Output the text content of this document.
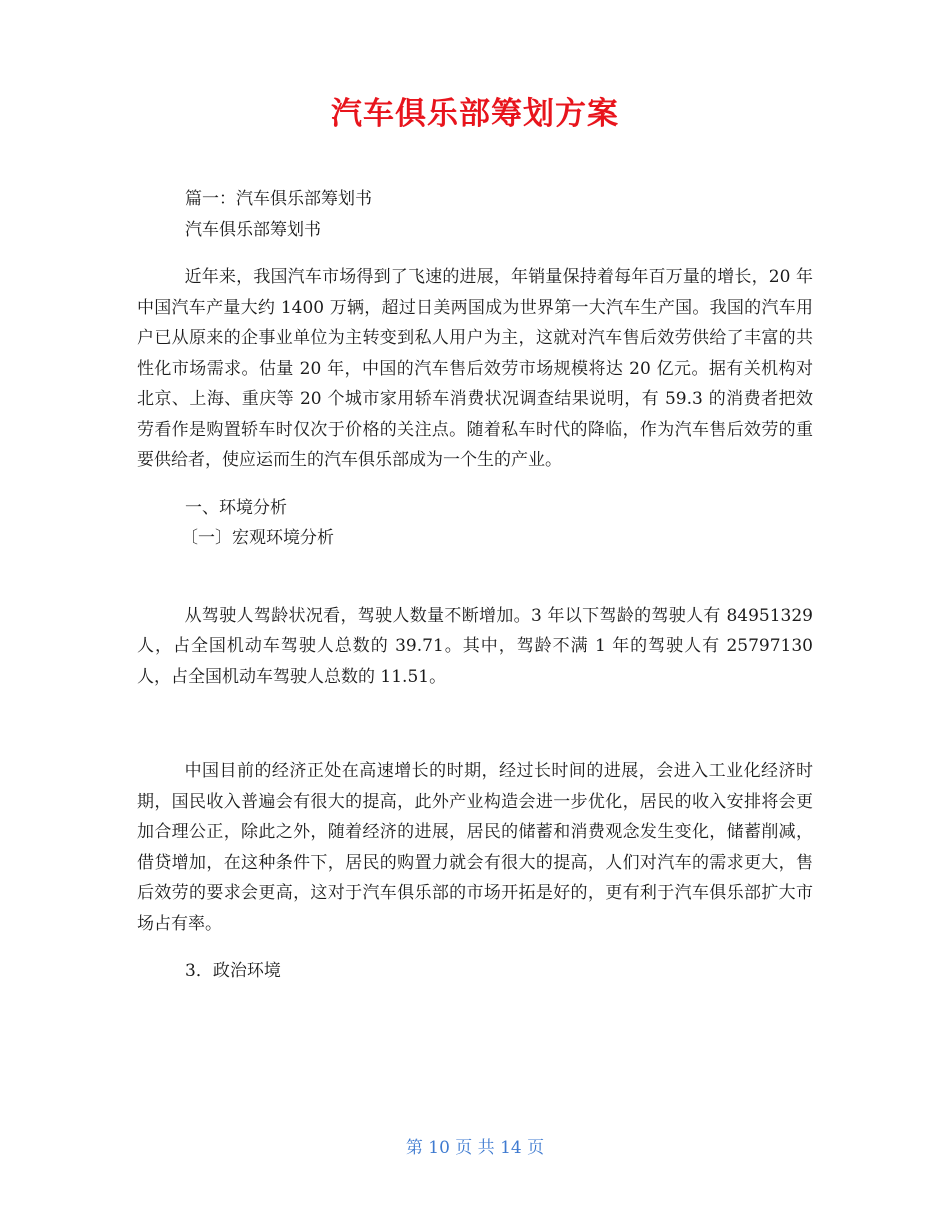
汽车俱乐部筹划方案

篇一：汽车俱乐部筹划书

汽车俱乐部筹划书

近年来，我国汽车市场得到了飞速的进展，年销量保持着每年百万量的增长，20 年中国汽车产量大约 1400 万辆，超过日美两国成为世界第一大汽车生产国。我国的汽车用户已从原来的企事业单位为主转变到私人用户为主，这就对汽车售后效劳供给了丰富的共性化市场需求。估量 20 年，中国的汽车售后效劳市场规模将达 20 亿元。据有关机构对北京、上海、重庆等 20 个城市家用轿车消费状况调查结果说明，有 59.3 的消费者把效劳看作是购置轿车时仅次于价格的关注点。随着私车时代的降临，作为汽车售后效劳的重要供给者，使应运而生的汽车俱乐部成为一个生的产业。

一、环境分析

〔一〕宏观环境分析

从驾驶人驾龄状况看，驾驶人数量不断增加。3 年以下驾龄的驾驶人有 84951329 人，占全国机动车驾驶人总数的 39.71。其中，驾龄不满 1 年的驾驶人有 25797130 人，占全国机动车驾驶人总数的 11.51。

中国目前的经济正处在高速增长的时期，经过长时间的进展，会进入工业化经济时期，国民收入普遍会有很大的提高，此外产业构造会进一步优化，居民的收入安排将会更加合理公正，除此之外，随着经济的进展，居民的储蓄和消费观念发生变化，储蓄削减，借贷增加，在这种条件下，居民的购置力就会有很大的提高，人们对汽车的需求更大，售后效劳的要求会更高，这对于汽车俱乐部的市场开拓是好的，更有利于汽车俱乐部扩大市场占有率。

3．政治环境

第 10 页 共 14 页
